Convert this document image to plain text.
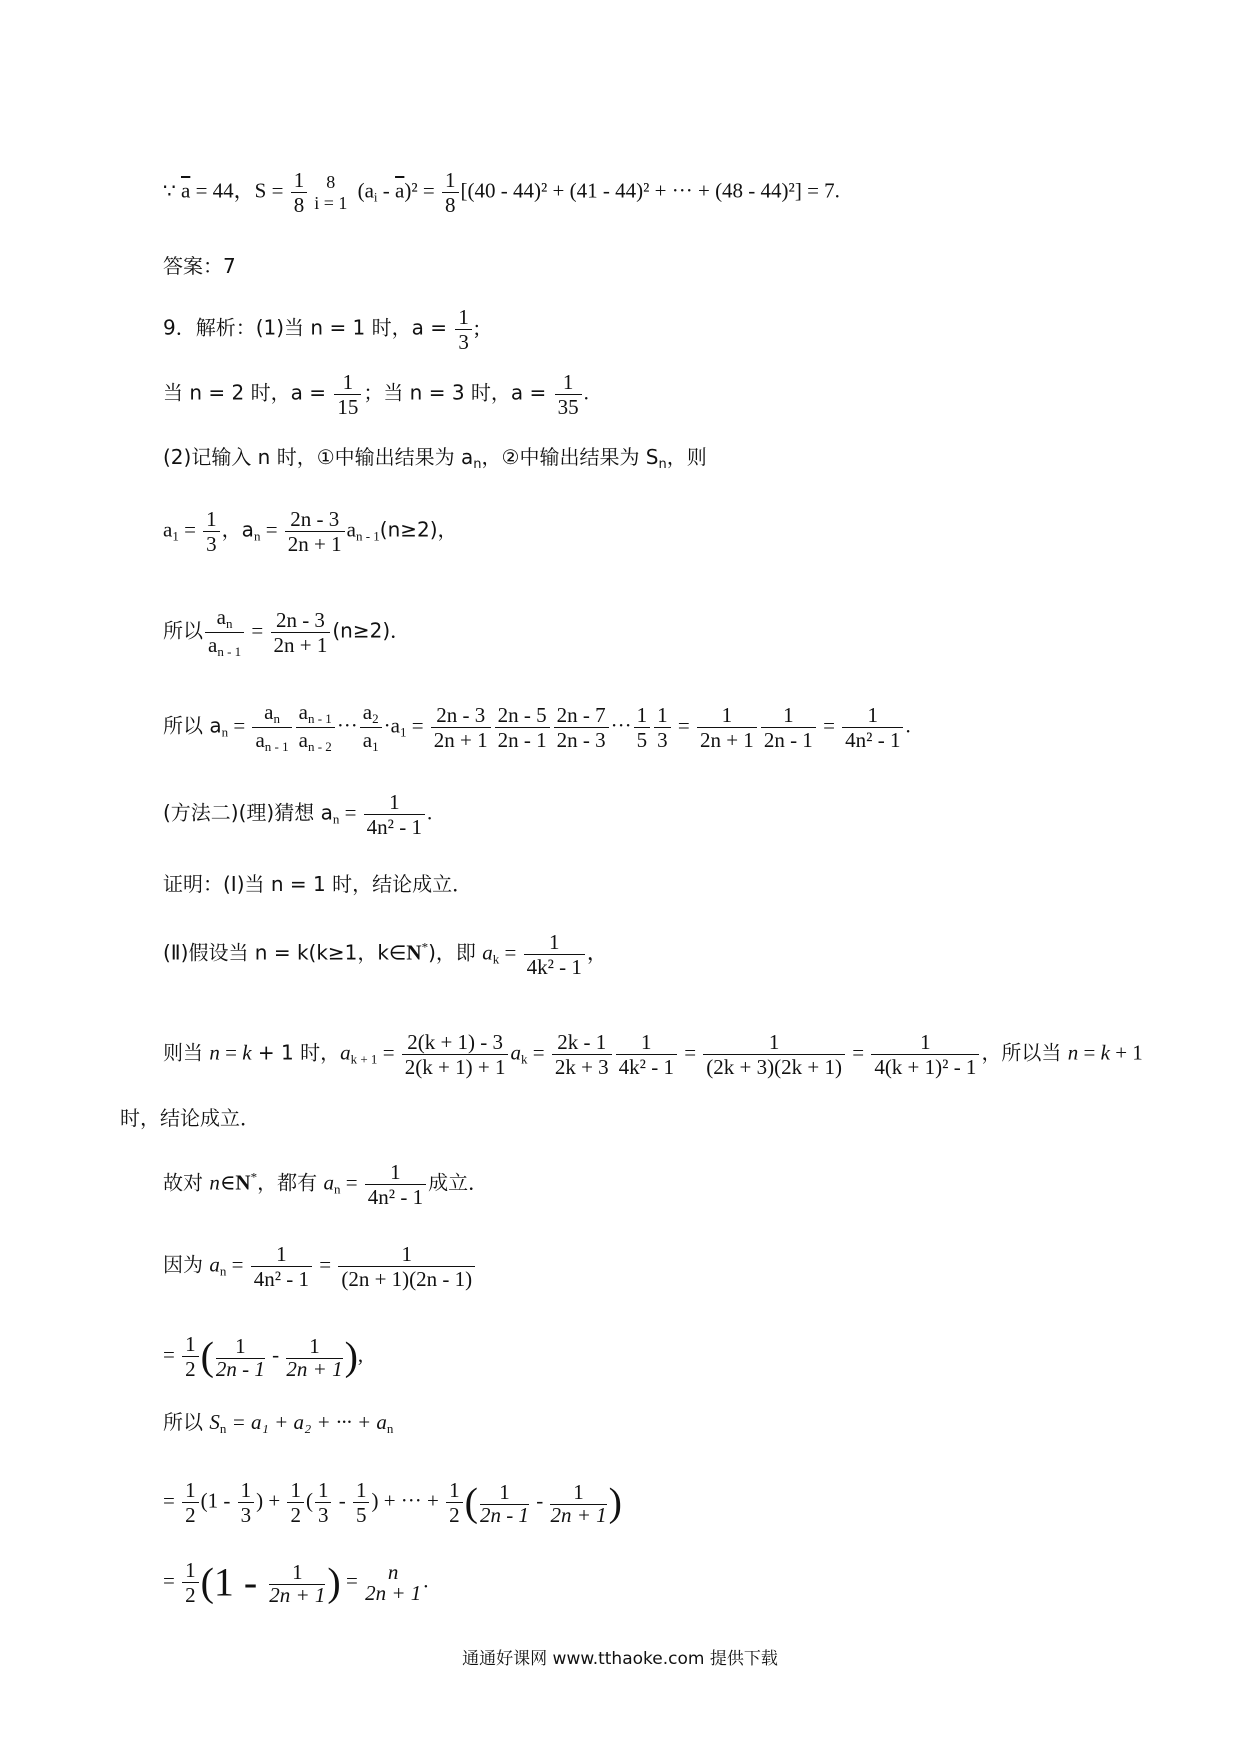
∵ $\overline{a} = 44$，$S = \frac{1}{8}$	8
i = 1
$(a_i - \overline{a})^2 = \frac{1}{8} [(40 - 44)^2 + (41 - 44)^2$ + ··· + (48 - 44)²] = 7.
答案：7
9．解析：(1)当 n = 1 时，$a = \frac{1}{3}$ ;
当 n = 2 时，$a = \frac{1}{15}$ ；当 n = 3 时，$a = \frac{1}{35}$ .
(2)记输入 n 时，①中输出结果为 $a_n$，②中输出结果为 $S_n$，则
$a_1 = \frac{1}{3}$ ，$a_n = \frac{2n - 3}{2n + 1} a_{n - 1}(n\ge 2)$，
所以 $\frac{a_n}{a_{n - 1}} = \frac{2n - 3}{2n + 1} (n\ge 2)$．
所以 $a_n = \frac{a_n}{a_{n - 1}} \frac{a_{n - 1}}{a_{n - 2}}$ ··· $\frac{a_2}{a_1} \cdot a_1 = \frac{2n - 3}{2n + 1} \frac{2n - 5}{2n - 1} \frac{2n - 7}{2n - 3}$ ··· $\frac{1}{5} \frac{1}{3} = \frac{1}{2n + 1} \frac{1}{2n - 1} = \frac{1}{\text{4n² - 1}}$ .
(方法二)(理)猜想 $a_n = \frac{1}{\text{4n² - 1}}$ .
证明：(Ⅰ)当 n = 1 时，结论成立．
(Ⅱ)假设当 n = k(k≥1，k∈N*)，即 $a_k = \frac{1}{\text{4k² - 1}}$ ，
则当 n = k + 1 时，$a_{k + 1} = \frac{2(k + 1) - 3}{2(k + 1) + 1} a_k = \frac{2k - 1}{2k + 3} \frac{1}{\text{4k² - 1}} = \frac{1}{(2k + 3)(2k + 1)} = \frac{1}{\text{4(k + 1)² - 1}}$ ，所以当 n = k + 1
时，结论成立．
故对 n∈N*，都有 $a_n = \frac{1}{\text{4n² - 1}}$ 成立．
因为 $a_n = \frac{1}{\text{4n² - 1}} = \frac{1}{(2n + 1)(2n - 1)}$
= $\frac{1}{2}$ ( $\frac{1}{2n - 1} - \frac{1}{2n + 1}$),
所以 $S_n = a_1 + a_2$ + ··· + $a_n$
= $\frac{1}{2} (1 - \frac{1}{3}$ ) + $\frac{1}{2}$ ( $\frac{1}{3} - \frac{1}{5}$ ) + ··· + $\frac{1}{2}$ ( $\frac{1}{2n - 1} - \frac{1}{2n + 1}$)
= $\frac{1}{2} (1 - \frac{1}{2n + 1})$ =	n
2n + 1
.
通通好课网 www.tthaoke.com 提供下载
